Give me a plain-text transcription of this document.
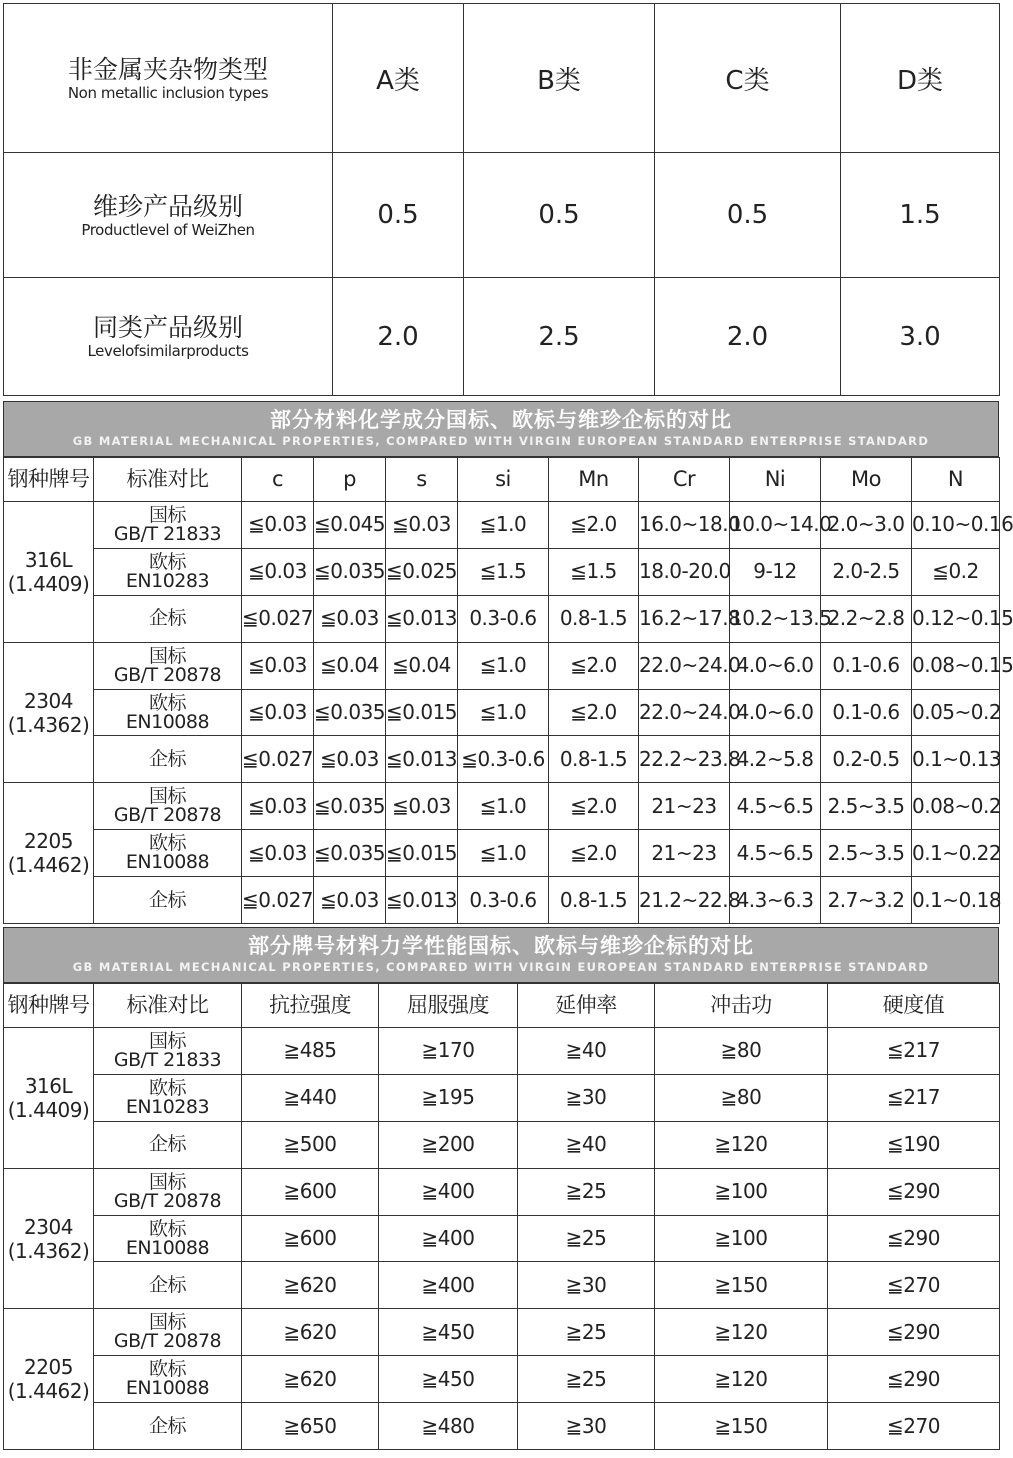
非金属夹杂物类型
Non metallic inclusion types	A类	B类	C类	D类

维珍产品级别
Productlevel of WeiZhen	0.5	0.5	0.5	1.5

同类产品级别
Levelofsimilarproducts	2.0	2.5	2.0	3.0
部分材料化学成分国标、欧标与维珍企标的对比
GB MATERIAL MECHANICAL PROPERTIES, COMPARED WITH VIRGIN EUROPEAN STANDARD ENTERPRISE STANDARD
钢种牌号	标准对比	c	p	s	si	Mn	Cr	Ni	Mo	N

316L
(1.4409)	国标
GB/T 21833	≦0.03	≦0.045	≦0.03	≦1.0	≦2.0	16.0~18.0	10.0~14.0	2.0~3.0	0.10~0.16

	欧标
EN10283	≦0.03	≦0.035	≦0.025	≦1.5	≦1.5	18.0-20.0	9-12	2.0-2.5	≦0.2

	企标	≦0.027	≦0.03	≦0.013	0.3-0.6	0.8-1.5	16.2~17.8	10.2~13.5	2.2~2.8	0.12~0.15

2304
(1.4362)	国标
GB/T 20878	≦0.03	≦0.04	≦0.04	≦1.0	≦2.0	22.0~24.0	4.0~6.0	0.1-0.6	0.08~0.15

	欧标
EN10088	≦0.03	≦0.035	≦0.015	≦1.0	≦2.0	22.0~24.0	4.0~6.0	0.1-0.6	0.05~0.2

	企标	≦0.027	≦0.03	≦0.013	≦0.3-0.6	0.8-1.5	22.2~23.8	4.2~5.8	0.2-0.5	0.1~0.13

2205
(1.4462)	国标
GB/T 20878	≦0.03	≦0.035	≦0.03	≦1.0	≦2.0	21~23	4.5~6.5	2.5~3.5	0.08~0.2

	欧标
EN10088	≦0.03	≦0.035	≦0.015	≦1.0	≦2.0	21~23	4.5~6.5	2.5~3.5	0.1~0.22

	企标	≦0.027	≦0.03	≦0.013	0.3-0.6	0.8-1.5	21.2~22.8	4.3~6.3	2.7~3.2	0.1~0.18
部分牌号材料力学性能国标、欧标与维珍企标的对比
GB MATERIAL MECHANICAL PROPERTIES, COMPARED WITH VIRGIN EUROPEAN STANDARD ENTERPRISE STANDARD
钢种牌号	标准对比	抗拉强度	屈服强度	延伸率	冲击功	硬度值

316L
(1.4409)	国标
GB/T 21833	≧485	≧170	≧40	≧80	≦217

	欧标
EN10283	≧440	≧195	≧30	≧80	≦217

	企标	≧500	≧200	≧40	≧120	≦190

2304
(1.4362)	国标
GB/T 20878	≧600	≧400	≧25	≧100	≦290

	欧标
EN10088	≧600	≧400	≧25	≧100	≦290

	企标	≧620	≧400	≧30	≧150	≦270

2205
(1.4462)	国标
GB/T 20878	≧620	≧450	≧25	≧120	≦290

	欧标
EN10088	≧620	≧450	≧25	≧120	≦290

	企标	≧650	≧480	≧30	≧150	≦270
